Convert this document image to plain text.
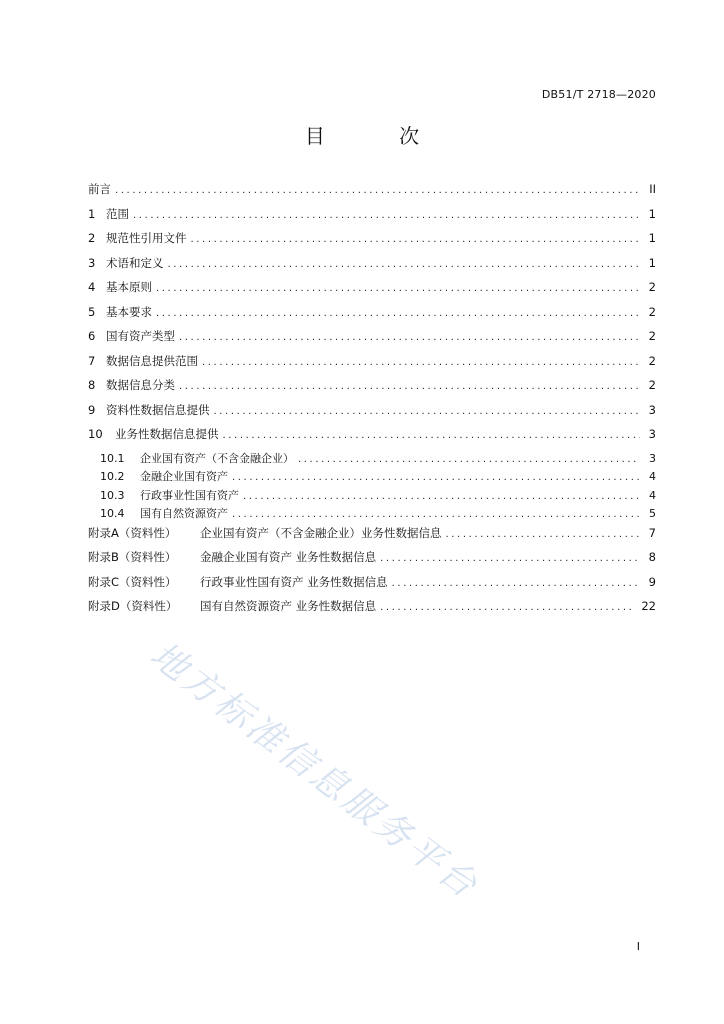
DB51/T 2718—2020
目 次
前言 .....	II
1 范围 .....	1
2 规范性引用文件 .....	1
3 术语和定义 .....	1
4 基本原则 .....	2
5 基本要求 .....	2
6 国有资产类型 .....	2
7 数据信息提供范围 .....	2
8 数据信息分类 .....	2
9 资料性数据信息提供 .....	3
10 业务性数据信息提供 .....	3
10.1 企业国有资产（不含金融企业） .....	3
10.2 金融企业国有资产 .....	4
10.3 行政事业性国有资产 .....	4
10.4 国有自然资源资产 .....	5
附录A（资料性） 企业国有资产（不含金融企业）业务性数据信息 .....	7
附录B（资料性） 金融企业国有资产 业务性数据信息 .....	8
附录C（资料性） 行政事业性国有资产 业务性数据信息 .....	9
附录D（资料性） 国有自然资源资产 业务性数据信息 .....	22
地方标准信息服务平台
I
